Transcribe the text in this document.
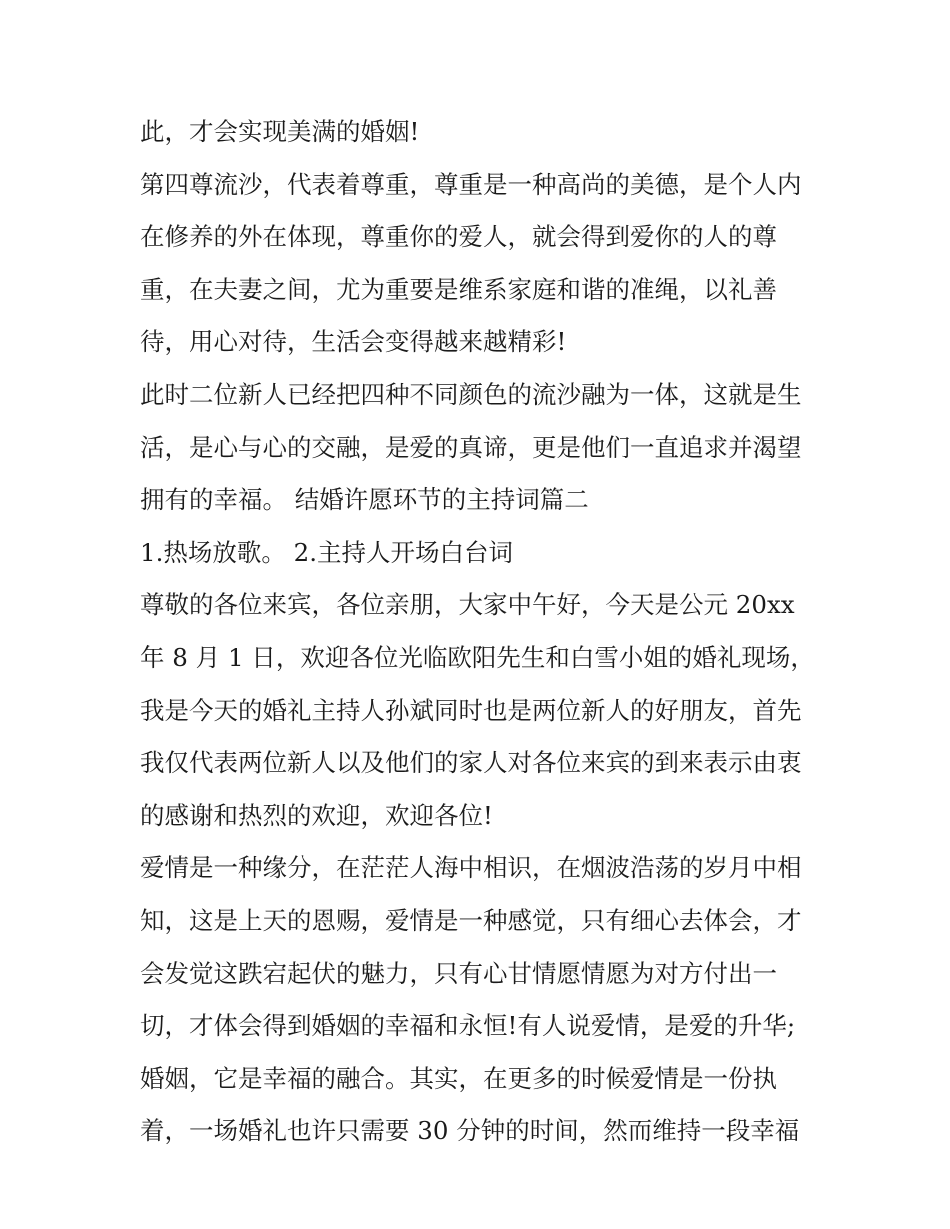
此，才会实现美满的婚姻!
第四尊流沙，代表着尊重，尊重是一种高尚的美德，是个人内
在修养的外在体现，尊重你的爱人，就会得到爱你的人的尊
重，在夫妻之间，尤为重要是维系家庭和谐的准绳，以礼善
待，用心对待，生活会变得越来越精彩!
此时二位新人已经把四种不同颜色的流沙融为一体，这就是生
活，是心与心的交融，是爱的真谛，更是他们一直追求并渴望
拥有的幸福。 结婚许愿环节的主持词篇二
1.热场放歌。 2.主持人开场白台词
尊敬的各位来宾，各位亲朋，大家中午好，今天是公元 20xx
年 8 月 1 日，欢迎各位光临欧阳先生和白雪小姐的婚礼现场，
我是今天的婚礼主持人孙斌同时也是两位新人的好朋友，首先
我仅代表两位新人以及他们的家人对各位来宾的到来表示由衷
的感谢和热烈的欢迎，欢迎各位!
爱情是一种缘分，在茫茫人海中相识，在烟波浩荡的岁月中相
知，这是上天的恩赐，爱情是一种感觉，只有细心去体会，才
会发觉这跌宕起伏的魅力，只有心甘情愿情愿为对方付出一
切，才体会得到婚姻的幸福和永恒!有人说爱情，是爱的升华;
婚姻，它是幸福的融合。其实，在更多的时候爱情是一份执
着，一场婚礼也许只需要 30 分钟的时间，然而维持一段幸福
